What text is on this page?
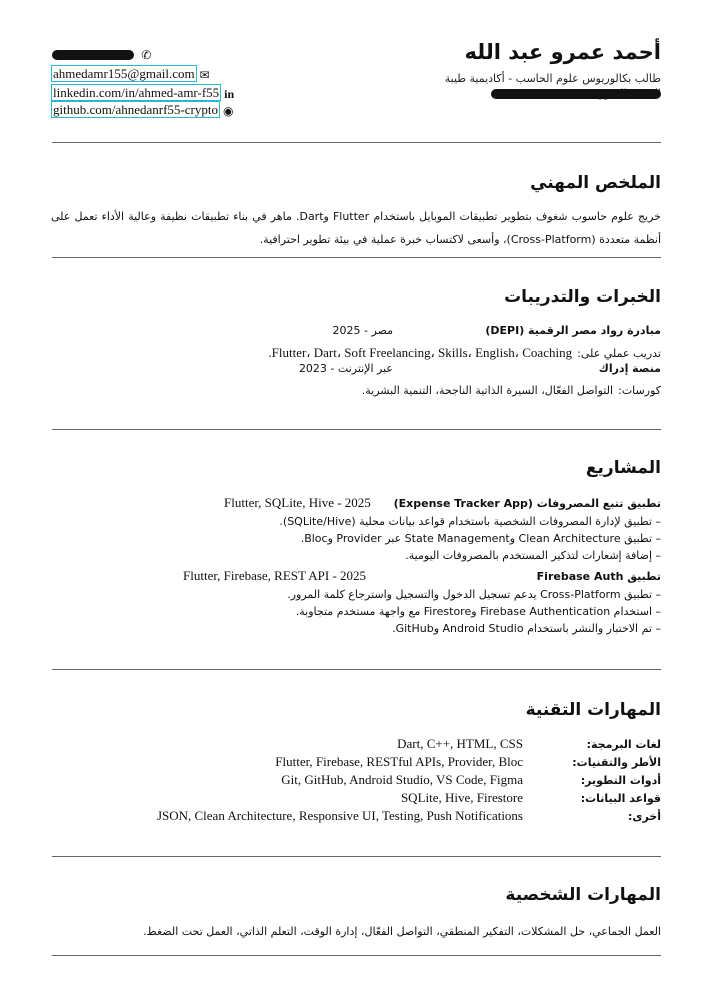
أحمد عمرو عبد الله
طالب بكالوريوس علوم الحاسب - أكاديمية طيبة
✆
ahmedamr155@gmail.com ✉
linkedin.com/in/ahmed-amr-f55 in
github.com/ahnedanrf55-crypto ◉
الملخص المهني
خريج علوم حاسوب شغوف بتطوير تطبيقات الموبايل باستخدام Flutter وDart. ماهر في بناء تطبيقات نظيفة وعالية الأداء تعمل على أنظمة متعددة (Cross-Platform)، وأسعى لاكتساب خبرة عملية في بيئة تطوير احترافية.
الخبرات والتدريبات
مبادرة رواد مصر الرقمية (DEPI)
مصر - 2025
تدريب عملي على: Flutter، Dart، Soft Freelancing، Skills، English، Coaching.
منصة إدراك
عبر الإنترنت - 2023
كورسات: التواصل الفعّال، السيرة الذاتية الناجحة، التنمية البشرية.
المشاريع
تطبيق تتبع المصروفات (Expense Tracker App)
Flutter, SQLite, Hive - 2025
– تطبيق لإدارة المصروفات الشخصية باستخدام قواعد بيانات محلية (SQLite/Hive).
– تطبيق Clean Architecture وState Management عبر Provider وBloc.
– إضافة إشعارات لتذكير المستخدم بالمصروفات اليومية.
تطبيق Firebase Auth
Flutter, Firebase, REST API - 2025
– تطبيق Cross-Platform يدعم تسجيل الدخول والتسجيل واسترجاع كلمة المرور.
– استخدام Firebase Authentication وFirestore مع واجهة مستخدم متجاوبة.
– تم الاختبار والنشر باستخدام Android Studio وGitHub.
المهارات التقنية
لغات البرمجة:
Dart, C++, HTML, CSS
الأطر والتقنيات:
Flutter, Firebase, RESTful APIs, Provider, Bloc
أدوات التطوير:
Git, GitHub, Android Studio, VS Code, Figma
قواعد البيانات:
SQLite, Hive, Firestore
أخرى:
JSON, Clean Architecture, Responsive UI, Testing, Push Notifications
المهارات الشخصية
العمل الجماعي، حل المشكلات، التفكير المنطقي، التواصل الفعّال، إدارة الوقت، التعلم الذاتي، العمل تحت الضغط.
